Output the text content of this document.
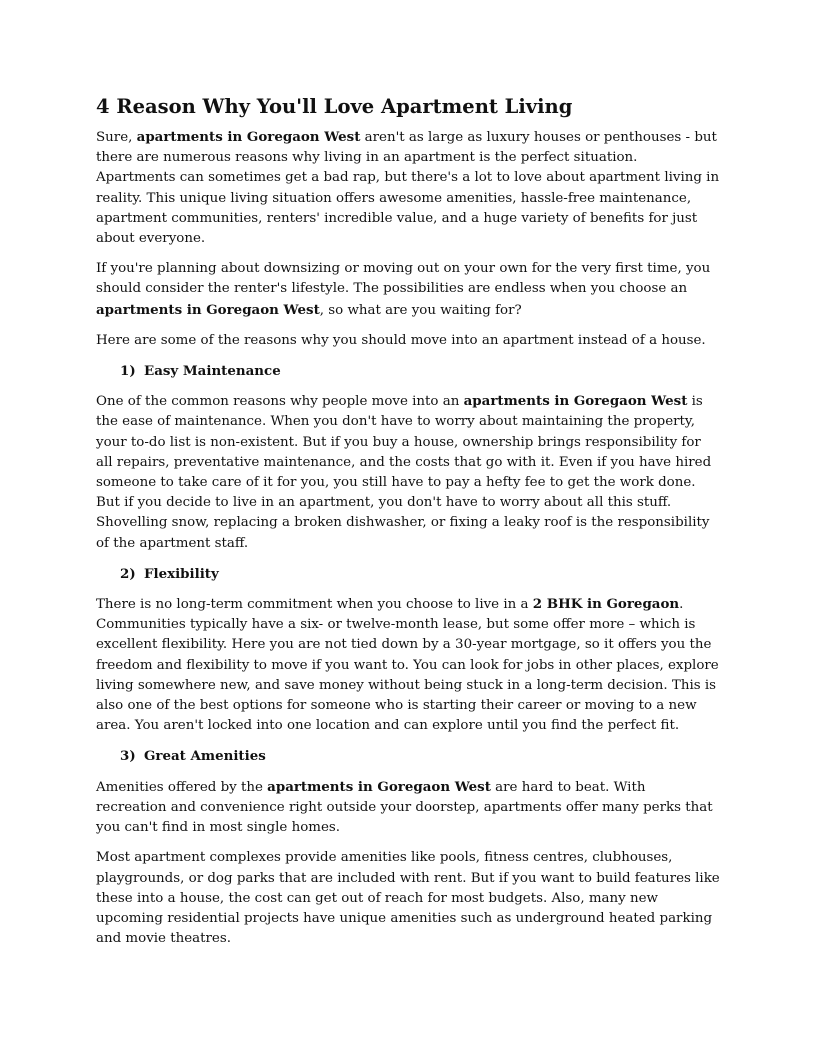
4 Reason Why You'll Love Apartment Living

Sure, apartments in Goregaon West aren't as large as luxury houses or penthouses - but there are numerous reasons why living in an apartment is the perfect situation. Apartments can sometimes get a bad rap, but there's a lot to love about apartment living in reality. This unique living situation offers awesome amenities, hassle-free maintenance, apartment communities, renters' incredible value, and a huge variety of benefits for just about everyone.

If you're planning about downsizing or moving out on your own for the very first time, you should consider the renter's lifestyle. The possibilities are endless when you choose an apartments in Goregaon West, so what are you waiting for?

Here are some of the reasons why you should move into an apartment instead of a house.

1) Easy Maintenance

One of the common reasons why people move into an apartments in Goregaon West is the ease of maintenance. When you don't have to worry about maintaining the property, your to-do list is non-existent. But if you buy a house, ownership brings responsibility for all repairs, preventative maintenance, and the costs that go with it. Even if you have hired someone to take care of it for you, you still have to pay a hefty fee to get the work done. But if you decide to live in an apartment, you don't have to worry about all this stuff. Shovelling snow, replacing a broken dishwasher, or fixing a leaky roof is the responsibility of the apartment staff.

2) Flexibility

There is no long-term commitment when you choose to live in a 2 BHK in Goregaon. Communities typically have a six- or twelve-month lease, but some offer more – which is excellent flexibility. Here you are not tied down by a 30-year mortgage, so it offers you the freedom and flexibility to move if you want to. You can look for jobs in other places, explore living somewhere new, and save money without being stuck in a long-term decision. This is also one of the best options for someone who is starting their career or moving to a new area. You aren't locked into one location and can explore until you find the perfect fit.

3) Great Amenities

Amenities offered by the apartments in Goregaon West are hard to beat. With recreation and convenience right outside your doorstep, apartments offer many perks that you can't find in most single homes.

Most apartment complexes provide amenities like pools, fitness centres, clubhouses, playgrounds, or dog parks that are included with rent. But if you want to build features like these into a house, the cost can get out of reach for most budgets. Also, many new upcoming residential projects have unique amenities such as underground heated parking and movie theatres.
